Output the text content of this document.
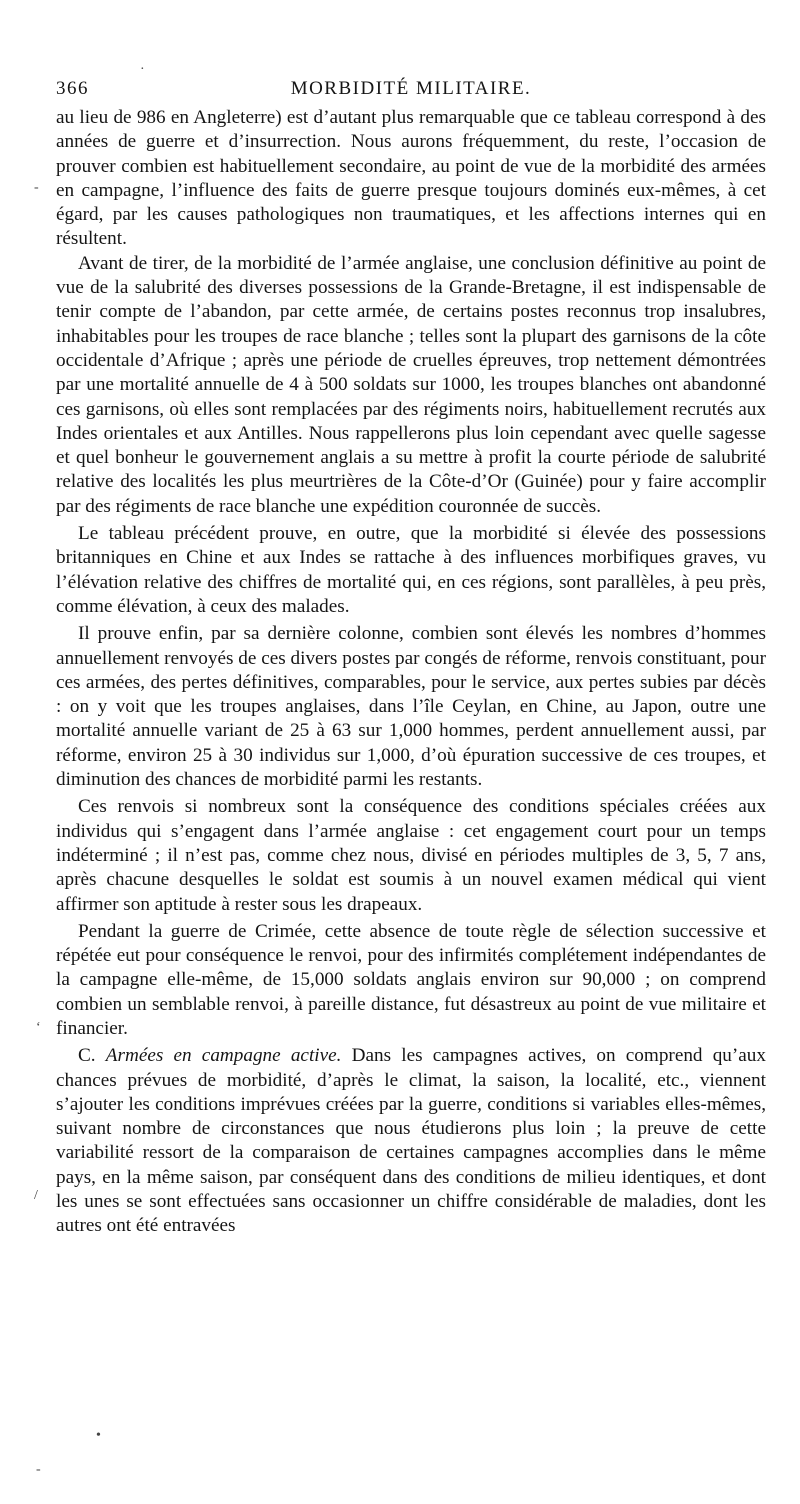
·
-
‘
/
•
-
366	MORBIDITÉ MILITAIRE.

au lieu de 986 en Angleterre) est d’autant plus remarquable que ce tableau correspond à des années de guerre et d’insurrection. Nous aurons fréquemment, du reste, l’occasion de prouver combien est habituellement secondaire, au point de vue de la morbidité des armées en campagne, l’influence des faits de guerre presque toujours dominés eux-mêmes, à cet égard, par les causes pathologiques non traumatiques, et les affections internes qui en résultent.

Avant de tirer, de la morbidité de l’armée anglaise, une conclusion définitive au point de vue de la salubrité des diverses possessions de la Grande-Bretagne, il est indispensable de tenir compte de l’abandon, par cette armée, de certains postes reconnus trop insalubres, inhabitables pour les troupes de race blanche ; telles sont la plupart des garnisons de la côte occidentale d’Afrique ; après une période de cruelles épreuves, trop nettement démontrées par une mortalité annuelle de 4 à 500 soldats sur 1000, les troupes blanches ont abandonné ces garnisons, où elles sont remplacées par des régiments noirs, habituellement recrutés aux Indes orientales et aux Antilles. Nous rappellerons plus loin cependant avec quelle sagesse et quel bonheur le gouvernement anglais a su mettre à profit la courte période de salubrité relative des localités les plus meurtrières de la Côte-d’Or (Guinée) pour y faire accomplir par des régiments de race blanche une expédition couronnée de succès.

Le tableau précédent prouve, en outre, que la morbidité si élevée des possessions britanniques en Chine et aux Indes se rattache à des influences morbifiques graves, vu l’élévation relative des chiffres de mortalité qui, en ces régions, sont parallèles, à peu près, comme élévation, à ceux des malades.

Il prouve enfin, par sa dernière colonne, combien sont élevés les nombres d’hommes annuellement renvoyés de ces divers postes par congés de réforme, renvois constituant, pour ces armées, des pertes définitives, comparables, pour le service, aux pertes subies par décès : on y voit que les troupes anglaises, dans l’île Ceylan, en Chine, au Japon, outre une mortalité annuelle variant de 25 à 63 sur 1,000 hommes, perdent annuellement aussi, par réforme, environ 25 à 30 individus sur 1,000, d’où épuration successive de ces troupes, et diminution des chances de morbidité parmi les restants.

Ces renvois si nombreux sont la conséquence des conditions spéciales créées aux individus qui s’engagent dans l’armée anglaise : cet engagement court pour un temps indéterminé ; il n’est pas, comme chez nous, divisé en périodes multiples de 3, 5, 7 ans, après chacune desquelles le soldat est soumis à un nouvel examen médical qui vient affirmer son aptitude à rester sous les drapeaux.

Pendant la guerre de Crimée, cette absence de toute règle de sélection successive et répétée eut pour conséquence le renvoi, pour des infirmités complétement indépendantes de la campagne elle-même, de 15,000 soldats anglais environ sur 90,000 ; on comprend combien un semblable renvoi, à pareille distance, fut désastreux au point de vue militaire et financier.

C. Armées en campagne active. Dans les campagnes actives, on comprend qu’aux chances prévues de morbidité, d’après le climat, la saison, la localité, etc., viennent s’ajouter les conditions imprévues créées par la guerre, conditions si variables elles-mêmes, suivant nombre de circonstances que nous étudierons plus loin ; la preuve de cette variabilité ressort de la comparaison de certaines campagnes accomplies dans le même pays, en la même saison, par conséquent dans des conditions de milieu identiques, et dont les unes se sont effectuées sans occasionner un chiffre considérable de maladies, dont les autres ont été entravées
